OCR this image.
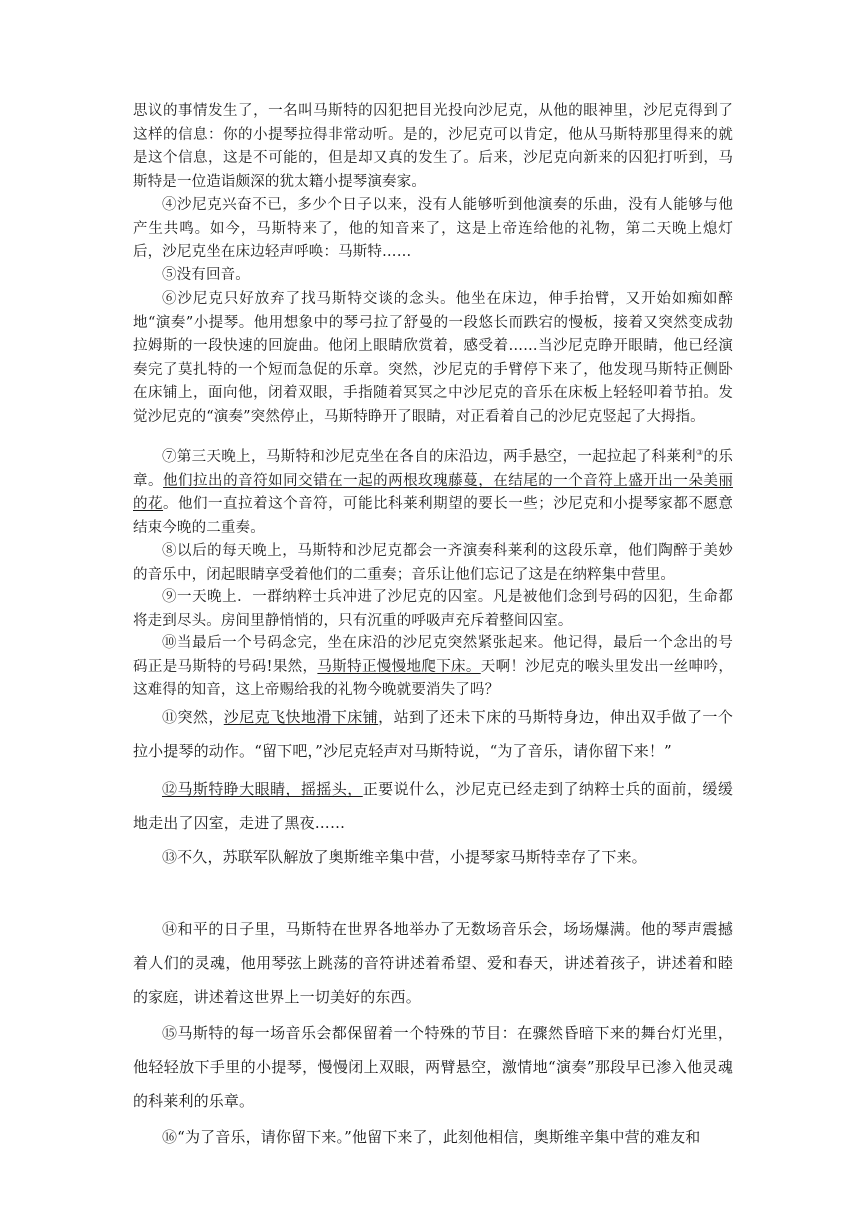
思议的事情发生了，一名叫马斯特的囚犯把目光投向沙尼克，从他的眼神里，沙尼克得到了这样的信息：你的小提琴拉得非常动听。是的，沙尼克可以肯定，他从马斯特那里得来的就是这个信息，这是不可能的，但是却又真的发生了。后来，沙尼克向新来的囚犯打听到，马斯特是一位造诣颇深的犹太籍小提琴演奏家。

④沙尼克兴奋不已，多少个日子以来，没有人能够听到他演奏的乐曲，没有人能够与他产生共鸣。如今，马斯特来了，他的知音来了，这是上帝连给他的礼物，第二天晚上熄灯后，沙尼克坐在床边轻声呼唤：马斯特……

⑤没有回音。

⑥沙尼克只好放弃了找马斯特交谈的念头。他坐在床边，伸手抬臂，又开始如痴如醉地“演奏”小提琴。他用想象中的琴弓拉了舒曼的一段悠长而跌宕的慢板，接着又突然变成勃拉姆斯的一段快速的回旋曲。他闭上眼睛欣赏着，感受着……当沙尼克睁开眼睛，他已经演奏完了莫扎特的一个短而急促的乐章。突然，沙尼克的手臂停下来了，他发现马斯特正侧卧在床铺上，面向他，闭着双眼，手指随着冥冥之中沙尼克的音乐在床板上轻轻叩着节拍。发觉沙尼克的“演奏”突然停止，马斯特睁开了眼睛，对正看着自己的沙尼克竖起了大拇指。

⑦第三天晚上，马斯特和沙尼克坐在各自的床沿边，两手悬空，一起拉起了科莱利③的乐章。他们拉出的音符如同交错在一起的两根玫瑰藤蔓，在结尾的一个音符上盛开出一朵美丽的花。他们一直拉着这个音符，可能比科莱利期望的要长一些；沙尼克和小提琴家都不愿意结束今晚的二重奏。

⑧以后的每天晚上，马斯特和沙尼克都会一齐演奏科莱利的这段乐章，他们陶醉于美妙的音乐中，闭起眼睛享受着他们的二重奏；音乐让他们忘记了这是在纳粹集中营里。

⑨一天晚上．一群纳粹士兵冲进了沙尼克的囚室。凡是被他们念到号码的囚犯，生命都将走到尽头。房间里静悄悄的，只有沉重的呼吸声充斥着整间囚室。

⑩当最后一个号码念完，坐在床沿的沙尼克突然紧张起来。他记得，最后一个念出的号码正是马斯特的号码!果然，马斯特正慢慢地爬下床。天啊！沙尼克的喉头里发出一丝呻吟，这难得的知音，这上帝赐给我的礼物今晚就要消失了吗？

⑪突然，沙尼克飞快地滑下床铺，站到了还未下床的马斯特身边，伸出双手做了一个拉小提琴的动作。“留下吧，”沙尼克轻声对马斯特说，“为了音乐，请你留下来！”

⑫马斯特睁大眼睛，摇摇头，正要说什么，沙尼克已经走到了纳粹士兵的面前，缓缓地走出了囚室，走进了黑夜……

⑬不久，苏联军队解放了奥斯维辛集中营，小提琴家马斯特幸存了下来。

⑭和平的日子里，马斯特在世界各地举办了无数场音乐会，场场爆满。他的琴声震撼着人们的灵魂，他用琴弦上跳荡的音符讲述着希望、爱和春天，讲述着孩子，讲述着和睦的家庭，讲述着这世界上一切美好的东西。

⑮马斯特的每一场音乐会都保留着一个特殊的节目：在骤然昏暗下来的舞台灯光里，他轻轻放下手里的小提琴，慢慢闭上双眼，两臂悬空，激情地“演奏”那段早已渗入他灵魂的科莱利的乐章。

⑯“为了音乐，请你留下来。”他留下来了，此刻他相信，奥斯维辛集中营的难友和
